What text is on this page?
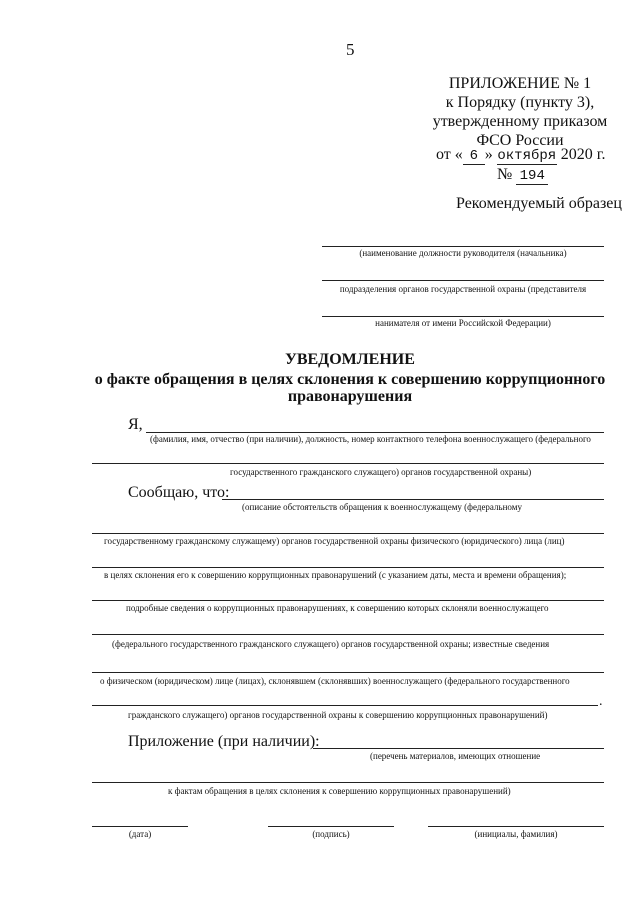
5
ПРИЛОЖЕНИЕ № 1
к Порядку (пункту 3),
утвержденному приказом
ФСО России
от « 6 » октября 2020 г.
№ 194
Рекомендуемый образец
(наименование должности руководителя (начальника)
подразделения органов государственной охраны (представителя
нанимателя от имени Российской Федерации)
УВЕДОМЛЕНИЕ
о факте обращения в целях склонения к совершению коррупционного
правонарушения
Я,
(фамилия, имя, отчество (при наличии), должность, номер контактного телефона военнослужащего (федерального
государственного гражданского служащего) органов государственной охраны)
Сообщаю, что:
(описание обстоятельств обращения к военнослужащему (федеральному
государственному гражданскому служащему) органов государственной охраны физического (юридического) лица (лиц)
в целях склонения его к совершению коррупционных правонарушений (с указанием даты, места и времени обращения);
подробные сведения о коррупционных правонарушениях, к совершению которых склоняли военнослужащего
(федерального государственного гражданского служащего) органов государственной охраны; известные сведения
о физическом (юридическом) лице (лицах), склонявшем (склонявших) военнослужащего (федерального государственного
.
гражданского служащего) органов государственной охраны к совершению коррупционных правонарушений)
Приложение (при наличии):
(перечень материалов, имеющих отношение
к фактам обращения в целях склонения к совершению коррупционных правонарушений)
(дата)	(подпись)	(инициалы, фамилия)
